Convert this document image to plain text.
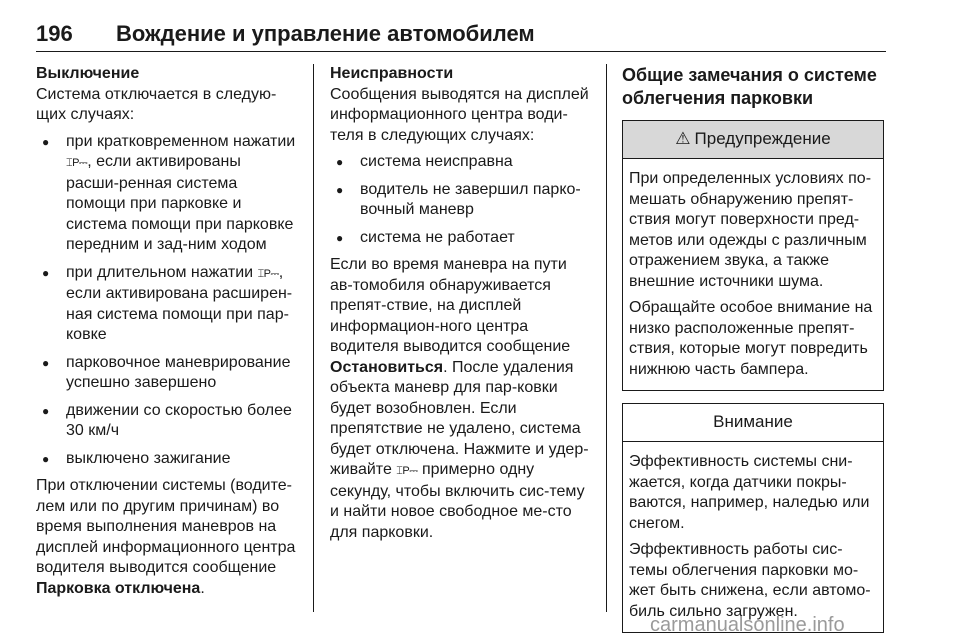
196	Вождение и управление автомобилем
Выключение

Система отключается в следую-щих случаях:

● при кратковременном нажатии ⌶P⎓, если активированы расши-ренная система помощи при парковке и система помощи при парковке передним и зад-ним ходом
● при длительном нажатии ⌶P⎓, если активирована расширен-ная система помощи при пар-ковке
● парковочное маневрирование успешно завершено
● движении со скоростью более 30 км/ч
● выключено зажигание

При отключении системы (водите-лем или по другим причинам) во время выполнения маневров на дисплей информационного центра водителя выводится сообщение Парковка отключена.

Неисправности

Сообщения выводятся на дисплей информационного центра води-теля в следующих случаях:

● система неисправна
● водитель не завершил парко-вочный маневр
● система не работает

Если во время маневра на пути ав-томобиля обнаруживается препят-ствие, на дисплей информацион-ного центра водителя выводится сообщение Остановиться. После удаления объекта маневр для пар-ковки будет возобновлен. Если препятствие не удалено, система будет отключена. Нажмите и удер-живайте ⌶P⎓ примерно одну секунду, чтобы включить сис-тему и найти новое свободное ме-сто для парковки.

Общие замечания о системе облегчения парковки
⚠ Предупреждение

При определенных условиях по-мешать обнаружению препят-ствия могут поверхности пред-метов или одежды с различным отражением звука, а также внешние источники шума.

Обращайте особое внимание на низко расположенные препят-ствия, которые могут повредить нижнюю часть бампера.

Внимание

Эффективность системы сни-жается, когда датчики покры-ваются, например, наледью или снегом.

Эффективность работы сис-темы облегчения парковки мо-жет быть снижена, если автомо-биль сильно загружен.

carmanualsonline.info
